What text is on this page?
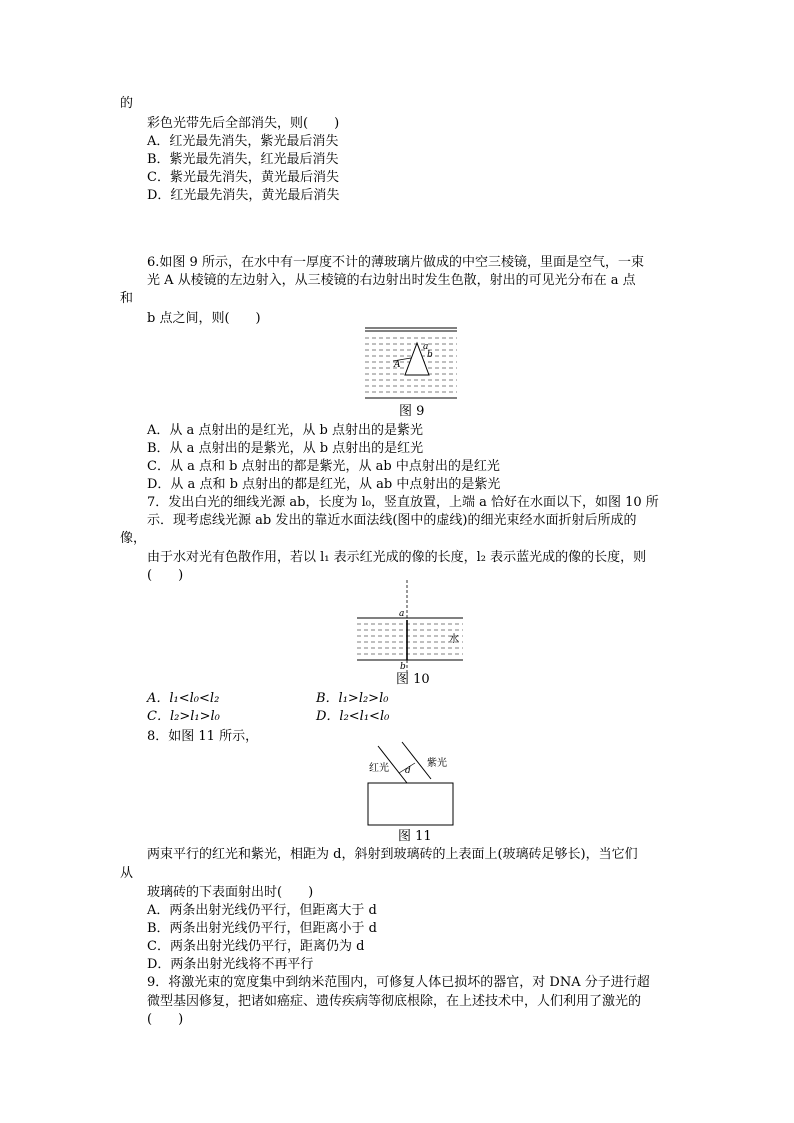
的
彩色光带先后全部消失，则(　　)
A．红光最先消失，紫光最后消失
B．紫光最先消失，红光最后消失
C．紫光最先消失，黄光最后消失
D．红光最先消失，黄光最后消失
6.如图 9 所示，在水中有一厚度不计的薄玻璃片做成的中空三棱镜，里面是空气，一束
光 A 从棱镜的左边射入，从三棱镜的右边射出时发生色散，射出的可见光分布在 a 点
和
b 点之间，则(　　)
A
a
b
图 9
A．从 a 点射出的是红光，从 b 点射出的是紫光
B．从 a 点射出的是紫光，从 b 点射出的是红光
C．从 a 点和 b 点射出的都是紫光，从 ab 中点射出的是红光
D．从 a 点和 b 点射出的都是红光，从 ab 中点射出的是紫光
7．发出白光的细线光源 ab，长度为 l₀，竖直放置，上端 a 恰好在水面以下，如图 10 所
示．现考虑线光源 ab 发出的靠近水面法线(图中的虚线)的细光束经水面折射后所成的
像，
由于水对光有色散作用，若以 l₁ 表示红光成的像的长度，l₂ 表示蓝光成的像的长度，则
(　　)
a
b
水
图 10
A．l₁<l₀<l₂	B．l₁>l₂>l₀
C．l₂>l₁>l₀	D．l₂<l₁<l₀
8．如图 11 所示，
红光	紫光
d
图 11
两束平行的红光和紫光，相距为 d，斜射到玻璃砖的上表面上(玻璃砖足够长)，当它们
从
玻璃砖的下表面射出时(　　)
A．两条出射光线仍平行，但距离大于 d
B．两条出射光线仍平行，但距离小于 d
C．两条出射光线仍平行，距离仍为 d
D．两条出射光线将不再平行
9．将激光束的宽度集中到纳米范围内，可修复人体已损坏的器官，对 DNA 分子进行超
微型基因修复，把诸如癌症、遗传疾病等彻底根除，在上述技术中，人们利用了激光的
(　　)
